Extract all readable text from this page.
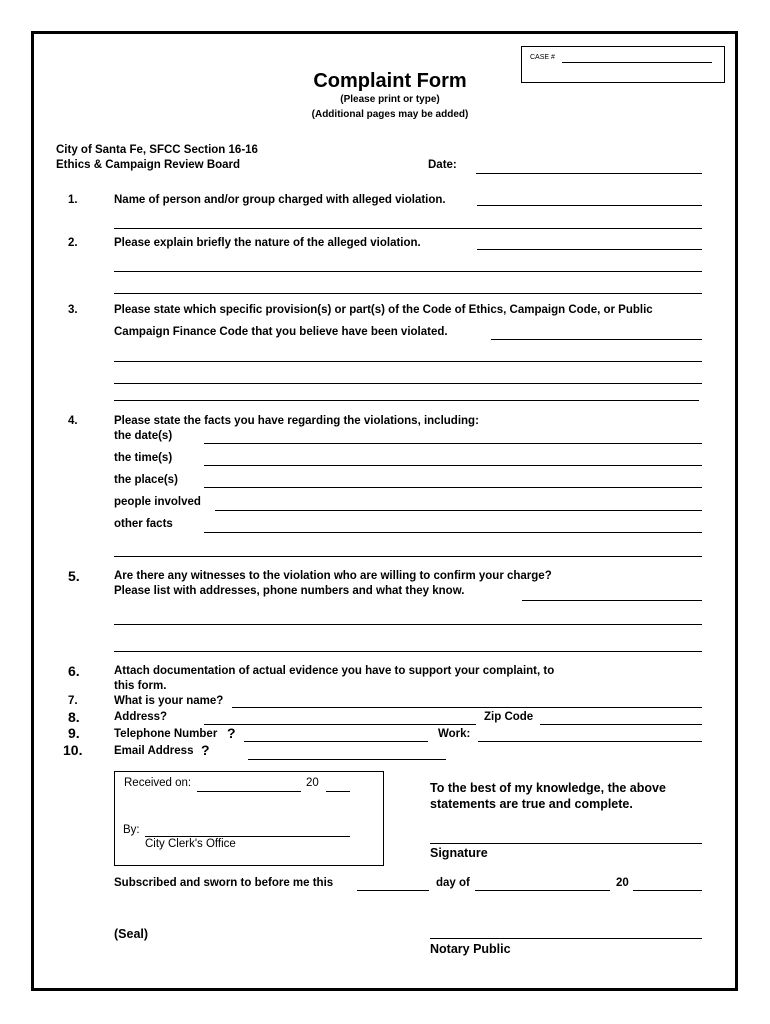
CASE #
Complaint Form
(Please print or type)
(Additional pages may be added)
City of Santa Fe, SFCC Section 16-16
Ethics & Campaign Review Board	Date:
1.	Name of person and/or group charged with alleged violation.
2.	Please explain briefly the nature of the alleged violation.
3.	Please state which specific provision(s) or part(s) of the Code of Ethics, Campaign Code, or Public
Campaign Finance Code that you believe have been violated.
4.	Please state the facts you have regarding the violations, including:
the date(s)
the time(s)
the place(s)
people involved
other facts
5.	Are there any witnesses to the violation who are willing to confirm your charge?
Please list with addresses, phone numbers and what they know.
6.	Attach documentation of actual evidence you have to support your complaint, to
this form.
7.	What is your name?
8.	Address?	Zip Code
9.	Telephone Number ?	Work:
10.	Email Address ?
Received on:	20
By:
City Clerk's Office
To the best of my knowledge, the above
statements are true and complete.
Signature
Subscribed and sworn to before me this	day of	20
(Seal)
Notary Public
